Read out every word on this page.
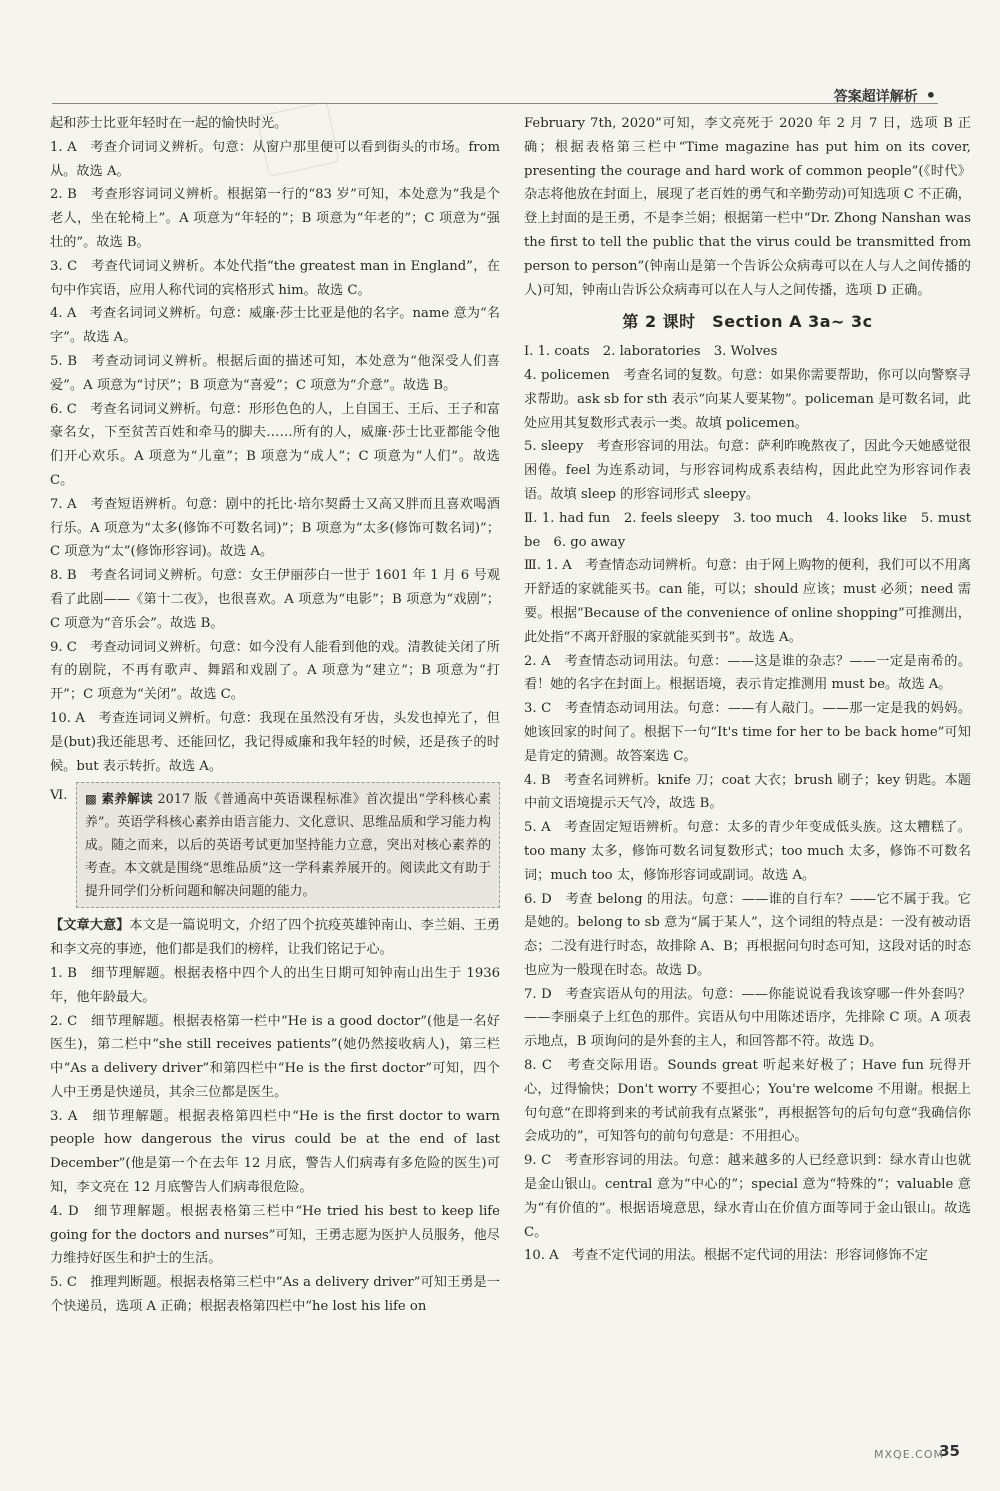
答案超详解析 •

起和莎士比亚年轻时在一起的愉快时光。

1. A　考查介词词义辨析。句意：从窗户那里便可以看到街头的市场。from 从。故选 A。

2. B　考查形容词词义辨析。根据第一行的“83 岁”可知，本处意为“我是个老人，坐在轮椅上”。A 项意为“年轻的”；B 项意为“年老的”；C 项意为“强壮的”。故选 B。

3. C　考查代词词义辨析。本处代指“the greatest man in England”，在句中作宾语，应用人称代词的宾格形式 him。故选 C。

4. A　考查名词词义辨析。句意：威廉·莎士比亚是他的名字。name 意为“名字”。故选 A。

5. B　考查动词词义辨析。根据后面的描述可知，本处意为“他深受人们喜爱”。A 项意为“讨厌”；B 项意为“喜爱”；C 项意为“介意”。故选 B。

6. C　考查名词词义辨析。句意：形形色色的人，上自国王、王后、王子和富豪名女，下至贫苦百姓和牵马的脚夫……所有的人，威廉·莎士比亚都能令他们开心欢乐。A 项意为“儿童”；B 项意为“成人”；C 项意为“人们”。故选 C。

7. A　考查短语辨析。句意：剧中的托比·培尔契爵士又高又胖而且喜欢喝酒行乐。A 项意为“太多(修饰不可数名词)”；B 项意为“太多(修饰可数名词)”；C 项意为“太”(修饰形容词)。故选 A。

8. B　考查名词词义辨析。句意：女王伊丽莎白一世于 1601 年 1 月 6 号观看了此剧——《第十二夜》，也很喜欢。A 项意为“电影”；B 项意为“戏剧”；C 项意为“音乐会”。故选 B。

9. C　考查动词词义辨析。句意：如今没有人能看到他的戏。清教徒关闭了所有的剧院，不再有歌声、舞蹈和戏剧了。A 项意为“建立”；B 项意为“打开”；C 项意为“关闭”。故选 C。

10. A　考查连词词义辨析。句意：我现在虽然没有牙齿，头发也掉光了，但是(but)我还能思考、还能回忆，我记得威廉和我年轻的时候，还是孩子的时候。but 表示转折。故选 A。

Ⅵ.	▩ 素养解读 2017 版《普通高中英语课程标准》首次提出“学科核心素养”。英语学科核心素养由语言能力、文化意识、思维品质和学习能力构成。随之而来，以后的英语考试更加坚持能力立意，突出对核心素养的考查。本文就是围绕“思维品质”这一学科素养展开的。阅读此文有助于提升同学们分析问题和解决问题的能力。

【文章大意】本文是一篇说明文，介绍了四个抗疫英雄钟南山、李兰娟、王勇和李文亮的事迹，他们都是我们的榜样，让我们铭记于心。

1. B　细节理解题。根据表格中四个人的出生日期可知钟南山出生于 1936 年，他年龄最大。

2. C　细节理解题。根据表格第一栏中“He is a good doctor”(他是一名好医生)，第二栏中“she still receives patients”(她仍然接收病人)，第三栏中“As a delivery driver”和第四栏中“He is the first doctor”可知，四个人中王勇是快递员，其余三位都是医生。

3. A　细节理解题。根据表格第四栏中“He is the first doctor to warn people how dangerous the virus could be at the end of last December”(他是第一个在去年 12 月底，警告人们病毒有多危险的医生)可知，李文亮在 12 月底警告人们病毒很危险。

4. D　细节理解题。根据表格第三栏中“He tried his best to keep life going for the doctors and nurses”可知，王勇志愿为医护人员服务，他尽力维持好医生和护士的生活。

5. C　推理判断题。根据表格第三栏中“As a delivery driver”可知王勇是一个快递员，选项 A 正确；根据表格第四栏中“he lost his life on

February 7th, 2020”可知，李文亮死于 2020 年 2 月 7 日，选项 B 正确；根据表格第三栏中“Time magazine has put him on its cover, presenting the courage and hard work of common people”(《时代》杂志将他放在封面上，展现了老百姓的勇气和辛勤劳动)可知选项 C 不正确，登上封面的是王勇，不是李兰娟；根据第一栏中“Dr. Zhong Nanshan was the first to tell the public that the virus could be transmitted from person to person”(钟南山是第一个告诉公众病毒可以在人与人之间传播的人)可知，钟南山告诉公众病毒可以在人与人之间传播，选项 D 正确。

第 2 课时　Section A 3a~ 3c

Ⅰ. 1. coats　2. laboratories　3. Wolves

4. policemen　考查名词的复数。句意：如果你需要帮助，你可以向警察寻求帮助。ask sb for sth 表示“向某人要某物”。policeman 是可数名词，此处应用其复数形式表示一类。故填 policemen。

5. sleepy　考查形容词的用法。句意：萨利昨晚熬夜了，因此今天她感觉很困倦。feel 为连系动词，与形容词构成系表结构，因此此空为形容词作表语。故填 sleep 的形容词形式 sleepy。

Ⅱ. 1. had fun　2. feels sleepy　3. too much　4. looks like　5. must be　6. go away

Ⅲ. 1. A　考查情态动词辨析。句意：由于网上购物的便利，我们可以不用离开舒适的家就能买书。can 能，可以；should 应该；must 必须；need 需要。根据“Because of the convenience of online shopping”可推测出，此处指“不离开舒服的家就能买到书”。故选 A。

2. A　考查情态动词用法。句意：——这是谁的杂志？——一定是南希的。看！她的名字在封面上。根据语境，表示肯定推测用 must be。故选 A。

3. C　考查情态动词用法。句意：——有人敲门。——那一定是我的妈妈。她该回家的时间了。根据下一句“It's time for her to be back home”可知是肯定的猜测。故答案选 C。

4. B　考查名词辨析。knife 刀；coat 大衣；brush 刷子；key 钥匙。本题中前文语境提示天气冷，故选 B。

5. A　考查固定短语辨析。句意：太多的青少年变成低头族。这太糟糕了。too many 太多，修饰可数名词复数形式；too much 太多，修饰不可数名词；much too 太，修饰形容词或副词。故选 A。

6. D　考查 belong 的用法。句意：——谁的自行车？——它不属于我。它是她的。belong to sb 意为“属于某人”，这个词组的特点是：一没有被动语态；二没有进行时态，故排除 A、B；再根据问句时态可知，这段对话的时态也应为一般现在时态。故选 D。

7. D　考查宾语从句的用法。句意：——你能说说看我该穿哪一件外套吗？——李丽桌子上红色的那件。宾语从句中用陈述语序，先排除 C 项。A 项表示地点，B 项询问的是外套的主人，和回答都不符。故选 D。

8. C　考查交际用语。Sounds great 听起来好极了；Have fun 玩得开心，过得愉快；Don't worry 不要担心；You're welcome 不用谢。根据上句句意“在即将到来的考试前我有点紧张”，再根据答句的后句句意“我确信你会成功的”，可知答句的前句句意是：不用担心。

9. C　考查形容词的用法。句意：越来越多的人已经意识到：绿水青山也就是金山银山。central 意为“中心的”；special 意为“特殊的”；valuable 意为“有价值的”。根据语境意思，绿水青山在价值方面等同于金山银山。故选 C。

10. A　考查不定代词的用法。根据不定代词的用法：形容词修饰不定

35
MXQE.COM
